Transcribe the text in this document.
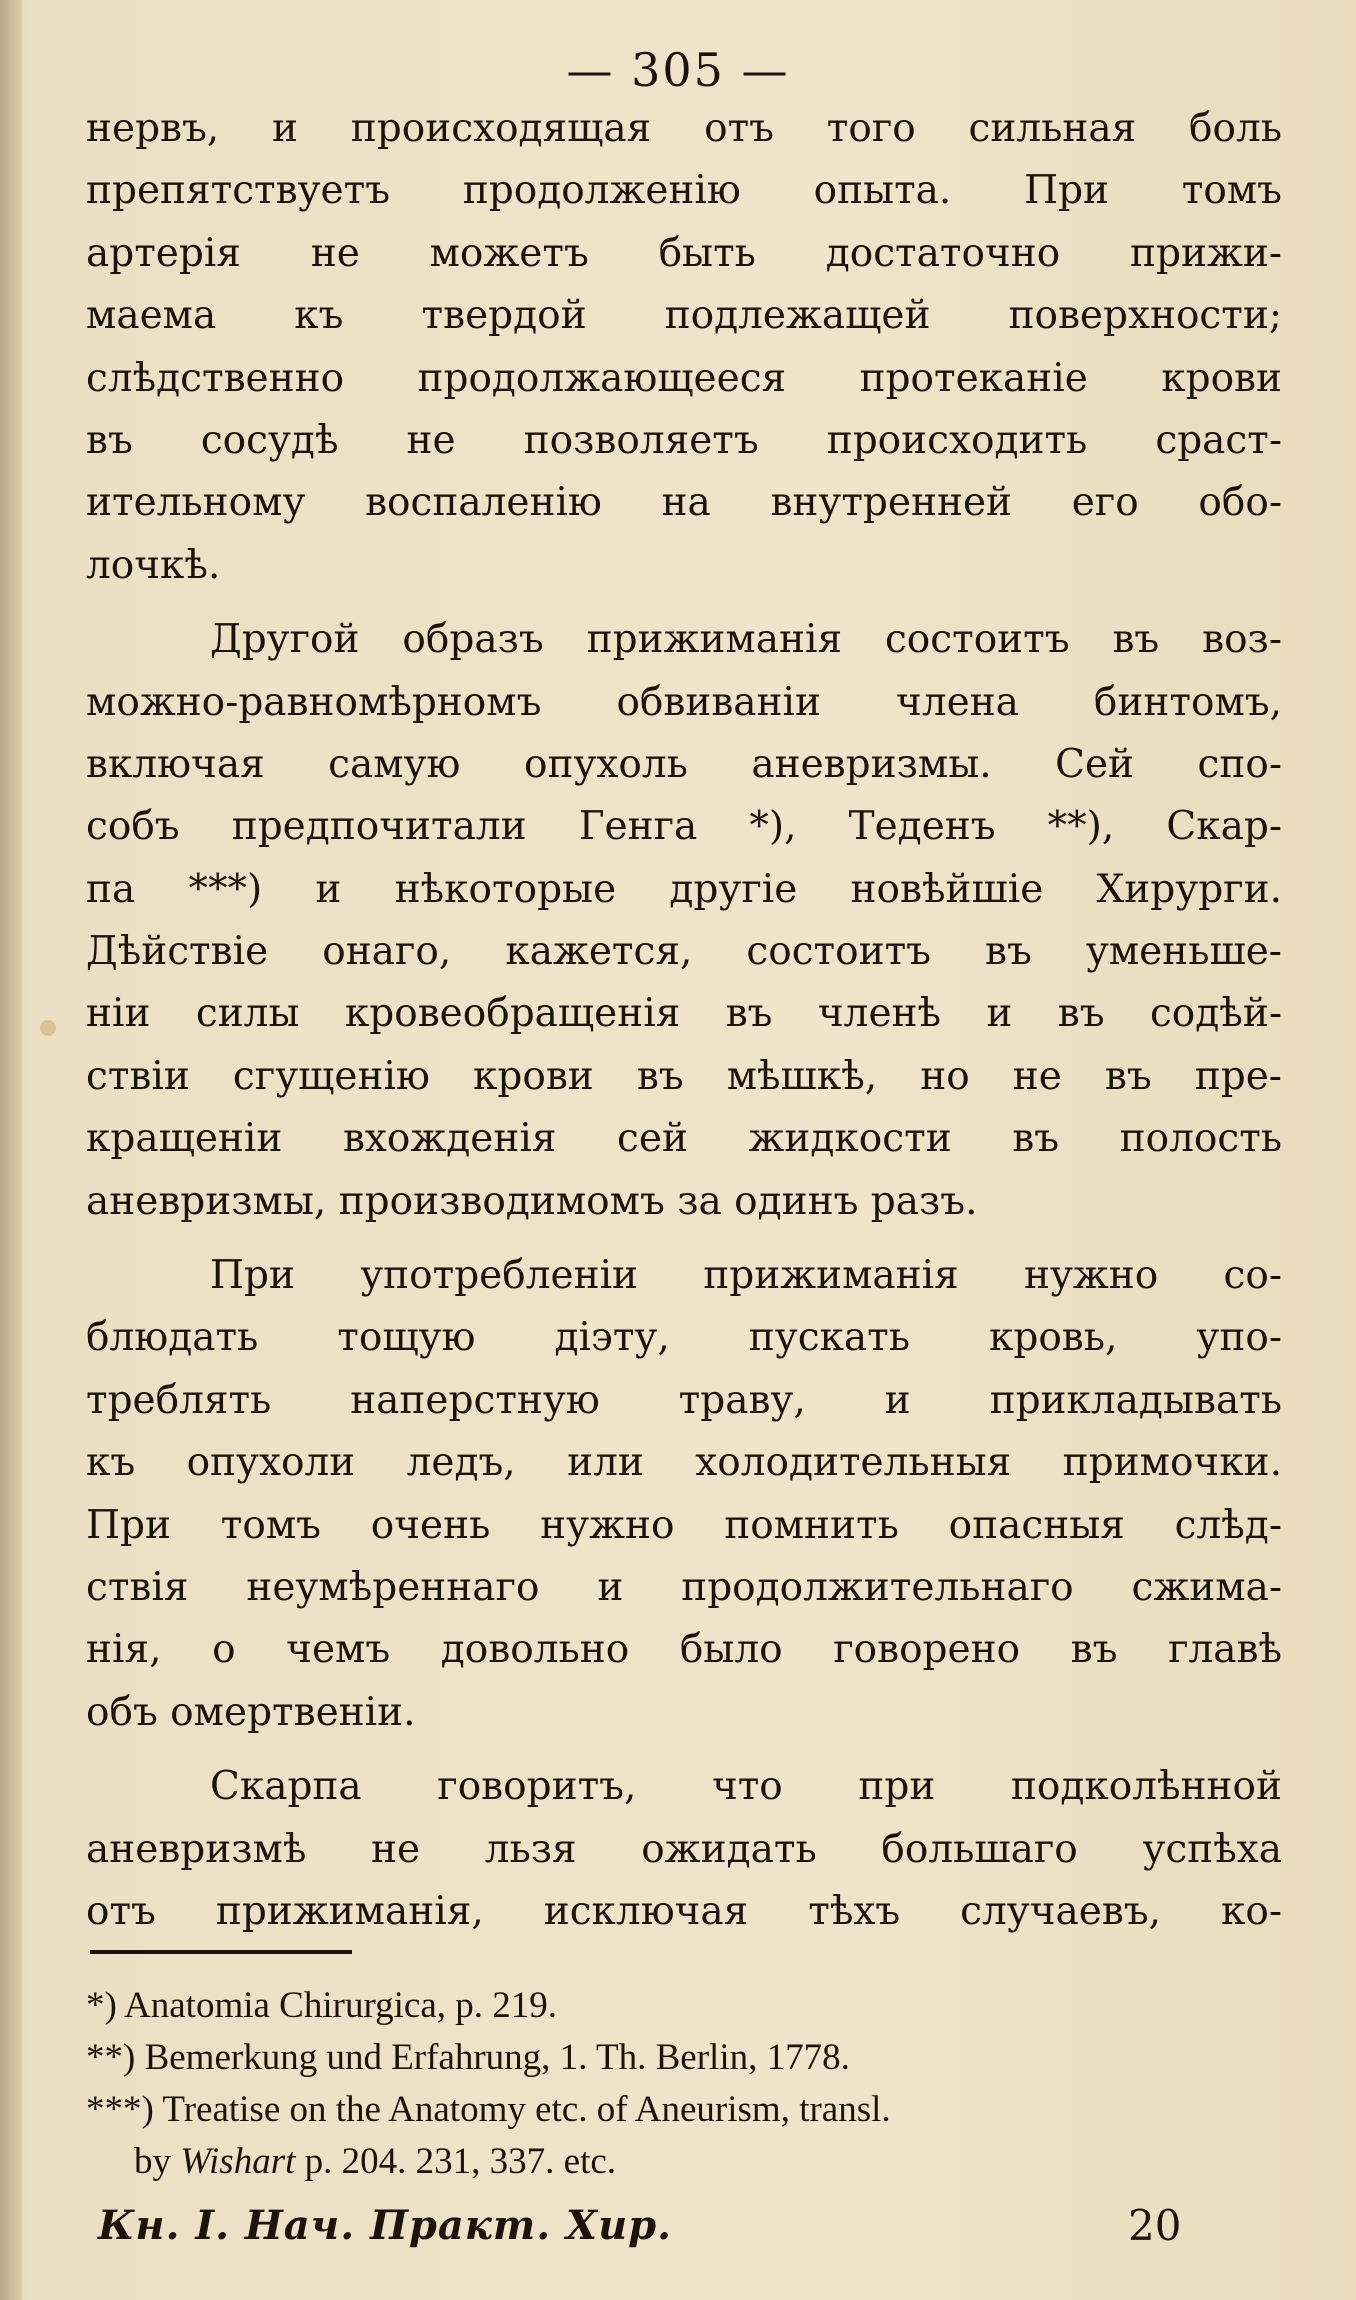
— 305 —
нервъ, и происходящая отъ того сильная боль
препятствуетъ продолженію опыта. При томъ
артерія не можетъ быть достаточно прижи-
маема къ твердой подлежащей поверхности;
слѣдственно продолжающееся протеканіе крови
въ сосудѣ не позволяетъ происходить сраст-
ительному воспаленію на внутренней его обо-
лочкѣ.
Другой образъ прижиманія состоитъ въ воз-
можно-равномѣрномъ обвиваніи члена бинтомъ,
включая самую опухоль аневризмы. Сей спо-
собъ предпочитали Генга *), Теденъ **), Скар-
па ***) и нѣкоторые другіе новѣйшіе Хирурги.
Дѣйствіе онаго, кажется, состоитъ въ уменьше-
ніи силы кровеобращенія въ членѣ и въ содѣй-
ствіи сгущенію крови въ мѣшкѣ, но не въ пре-
кращеніи вхожденія сей жидкости въ полость
аневризмы, производимомъ за одинъ разъ.
При употребленіи прижиманія нужно со-
блюдать тощую діэту, пускать кровь, упо-
треблять наперстную траву, и прикладывать
къ опухоли ледъ, или холодительныя примочки.
При томъ очень нужно помнить опасныя слѣд-
ствія неумѣреннаго и продолжительнаго сжима-
нія, о чемъ довольно было говорено въ главѣ
объ омертвеніи.
Скарпа говоритъ, что при подколѣнной
аневризмѣ не льзя ожидать большаго успѣха
отъ прижиманія, исключая тѣхъ случаевъ, ко-
*) Anatomia Chirurgica, p. 219.
**) Bemerkung und Erfahrung, 1. Th. Berlin, 1778.
***) Treatise on the Anatomy etc. of Aneurism, transl.
by Wishart p. 204. 231, 337. etc.
Кн. I. Нач. Практ. Хир.	20
